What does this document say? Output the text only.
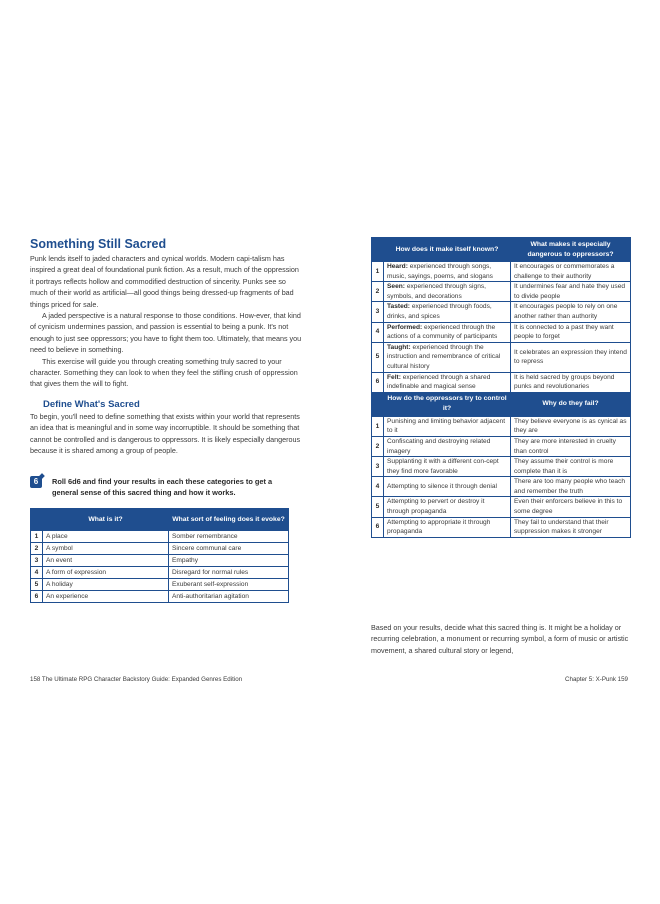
Something Still Sacred

Punk lends itself to jaded characters and cynical worlds. Modern capi-talism has inspired a great deal of foundational punk fiction. As a result, much of the oppression it portrays reflects hollow and commodified destruction of sincerity. Punks see so much of their world as artificial—all good things being dressed-up fragments of bad things priced for sale.

A jaded perspective is a natural response to those conditions. How-ever, that kind of cynicism undermines passion, and passion is essential to being a punk. It's not enough to just see oppressors; you have to fight them too. Ultimately, that means you need to believe in something.

This exercise will guide you through creating something truly sacred to your character. Something they can look to when they feel the stifling crush of oppression that gives them the will to fight.

Define What's Sacred

To begin, you'll need to define something that exists within your world that represents an idea that is meaningful and in some way incorruptible. It should be something that cannot be controlled and is dangerous to oppressors. It is likely especially dangerous because it is shared among a group of people.

6	Roll 6d6 and find your results in each these categories to get a general sense of this sacred thing and how it works.
	What is it?	What sort of feeling does it evoke?
1	A place	Somber remembrance
2	A symbol	Sincere communal care
3	An event	Empathy
4	A form of expression	Disregard for normal rules
5	A holiday	Exuberant self-expression
6	An experience	Anti-authoritarian agitation
158 The Ultimate RPG Character Backstory Guide: Expanded Genres Edition
	How does it make itself known?	What makes it especially dangerous to oppressors?
1	Heard: experienced through songs, music, sayings, poems, and slogans	It encourages or commemorates a challenge to their authority
2	Seen: experienced through signs, symbols, and decorations	It undermines fear and hate they used to divide people
3	Tasted: experienced through foods, drinks, and spices	It encourages people to rely on one another rather than authority
4	Performed: experienced through the actions of a community of participants	It is connected to a past they want people to forget
5	Taught: experienced through the instruction and remembrance of critical cultural history	It celebrates an expression they intend to repress
6	Felt: experienced through a shared indefinable and magical sense	It is held sacred by groups beyond punks and revolutionaries
	How do the oppressors try to control it?	Why do they fail?
1	Punishing and limiting behavior adjacent to it	They believe everyone is as cynical as they are
2	Confiscating and destroying related imagery	They are more interested in cruelty than control
3	Supplanting it with a different con-cept they find more favorable	They assume their control is more complete than it is
4	Attempting to silence it through denial	There are too many people who teach and remember the truth
5	Attempting to pervert or destroy it through propaganda	Even their enforcers believe in this to some degree
6	Attempting to appropriate it through propaganda	They fail to understand that their suppression makes it stronger
Based on your results, decide what this sacred thing is. It might be a holiday or recurring celebration, a monument or recurring symbol, a form of music or artistic movement, a shared cultural story or legend,
Chapter 5: X-Punk 159
